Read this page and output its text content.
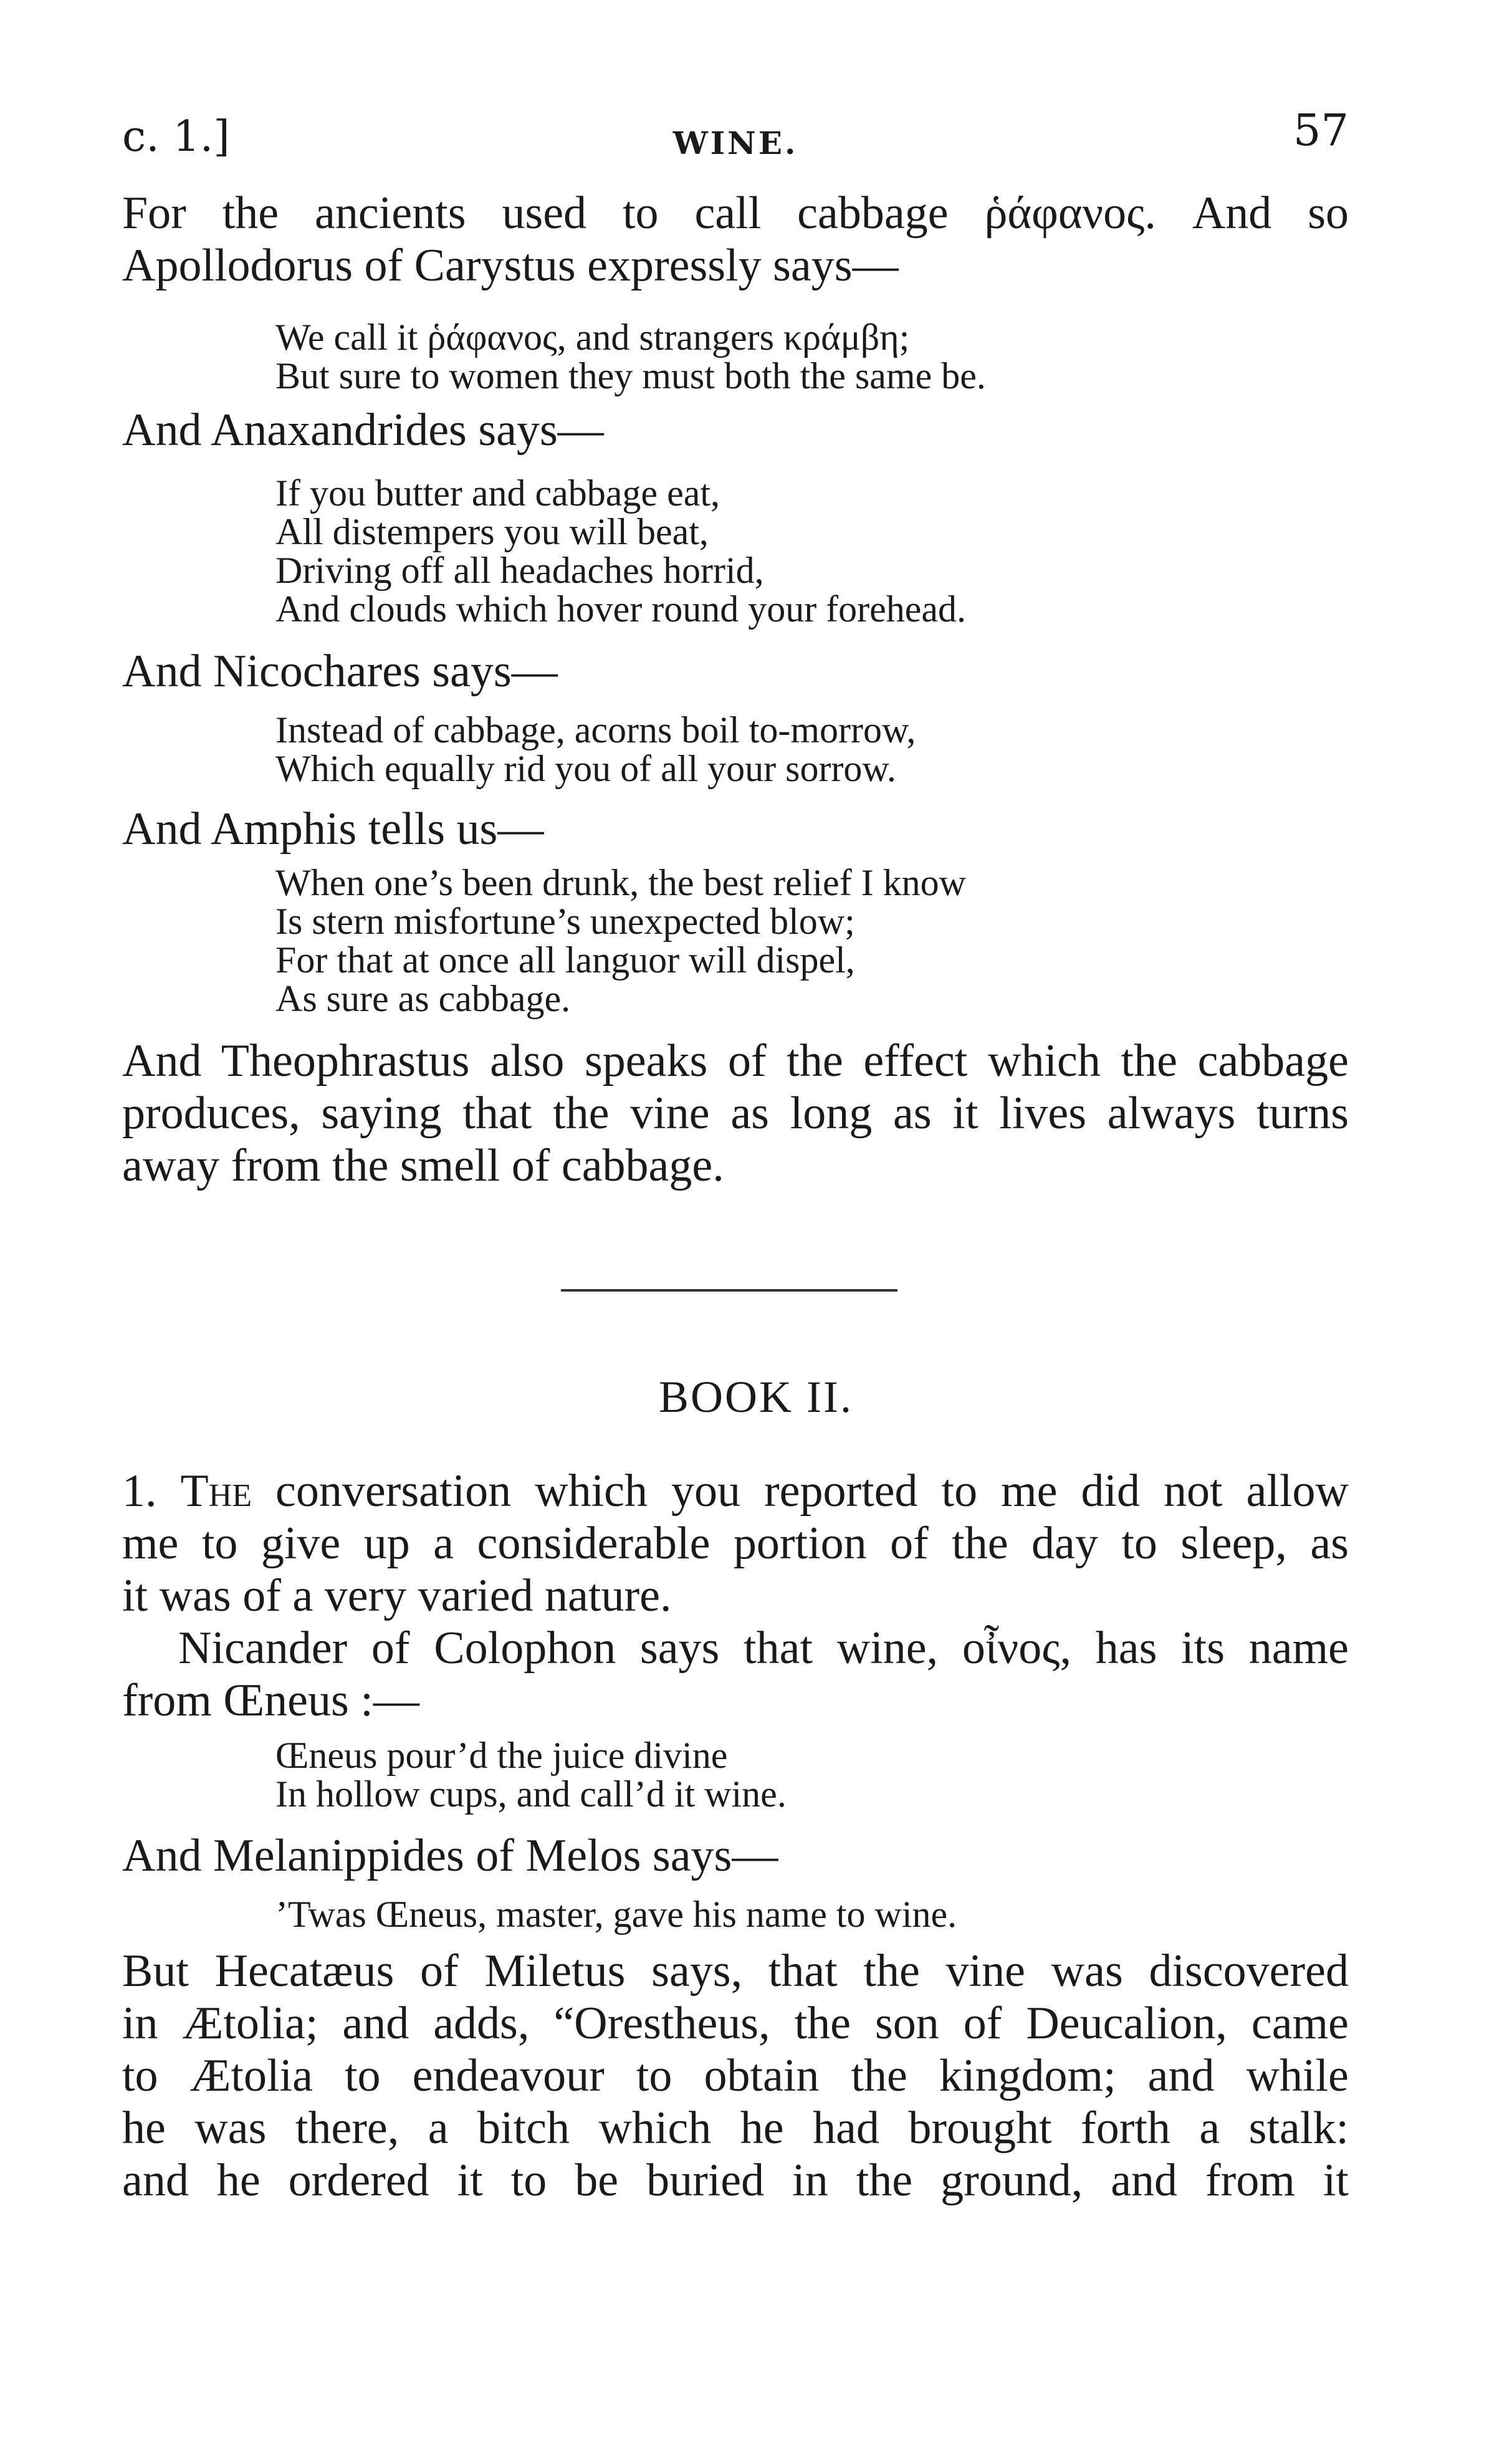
c. 1.]	WINE.	57
For the ancients used to call cabbage ῥάφανος. And so
Apollodorus of Carystus expressly says—
We call it ῥάφανος, and strangers κράμβη;
But sure to women they must both the same be.
And Anaxandrides says—
If you butter and cabbage eat,
All distempers you will beat,
Driving off all headaches horrid,
And clouds which hover round your forehead.
And Nicochares says—
Instead of cabbage, acorns boil to-morrow,
Which equally rid you of all your sorrow.
And Amphis tells us—
When one’s been drunk, the best relief I know
Is stern misfortune’s unexpected blow;
For that at once all languor will dispel,
As sure as cabbage.
And Theophrastus also speaks of the effect which the cabbage
produces, saying that the vine as long as it lives always turns
away from the smell of cabbage.
BOOK II.
1. The conversation which you reported to me did not allow
me to give up a considerable portion of the day to sleep, as
it was of a very varied nature.
Nicander of Colophon says that wine, οἶνος, has its name
from Œneus :—
Œneus pour’d the juice divine
In hollow cups, and call’d it wine.
And Melanippides of Melos says—
’Twas Œneus, master, gave his name to wine.
But Hecatæus of Miletus says, that the vine was discovered
in Ætolia; and adds, “Orestheus, the son of Deucalion, came
to Ætolia to endeavour to obtain the kingdom; and while
he was there, a bitch which he had brought forth a stalk:
and he ordered it to be buried in the ground, and from it
